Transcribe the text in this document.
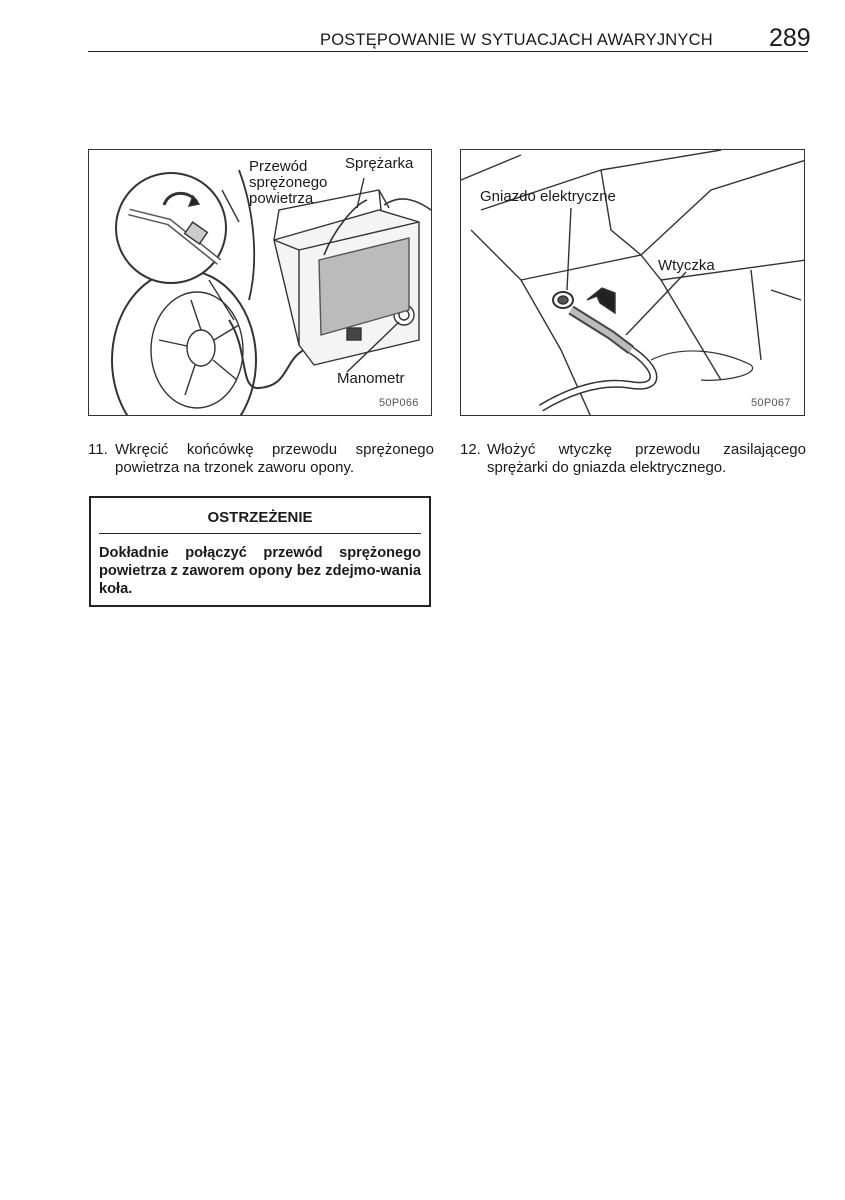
POSTĘPOWANIE W SYTUACJACH AWARYJNYCH 289
Przewód
sprężonego
powietrza
Sprężarka
Manometr
50P066
Gniazdo elektryczne
Wtyczka
50P067
11. Wkręcić końcówkę przewodu sprężonego powietrza na trzonek zaworu opony.
12. Włożyć wtyczkę przewodu zasilającego sprężarki do gniazda elektrycznego.
OSTRZEŻENIE
Dokładnie połączyć przewód sprężonego powietrza z zaworem opony bez zdejmo-wania koła.
